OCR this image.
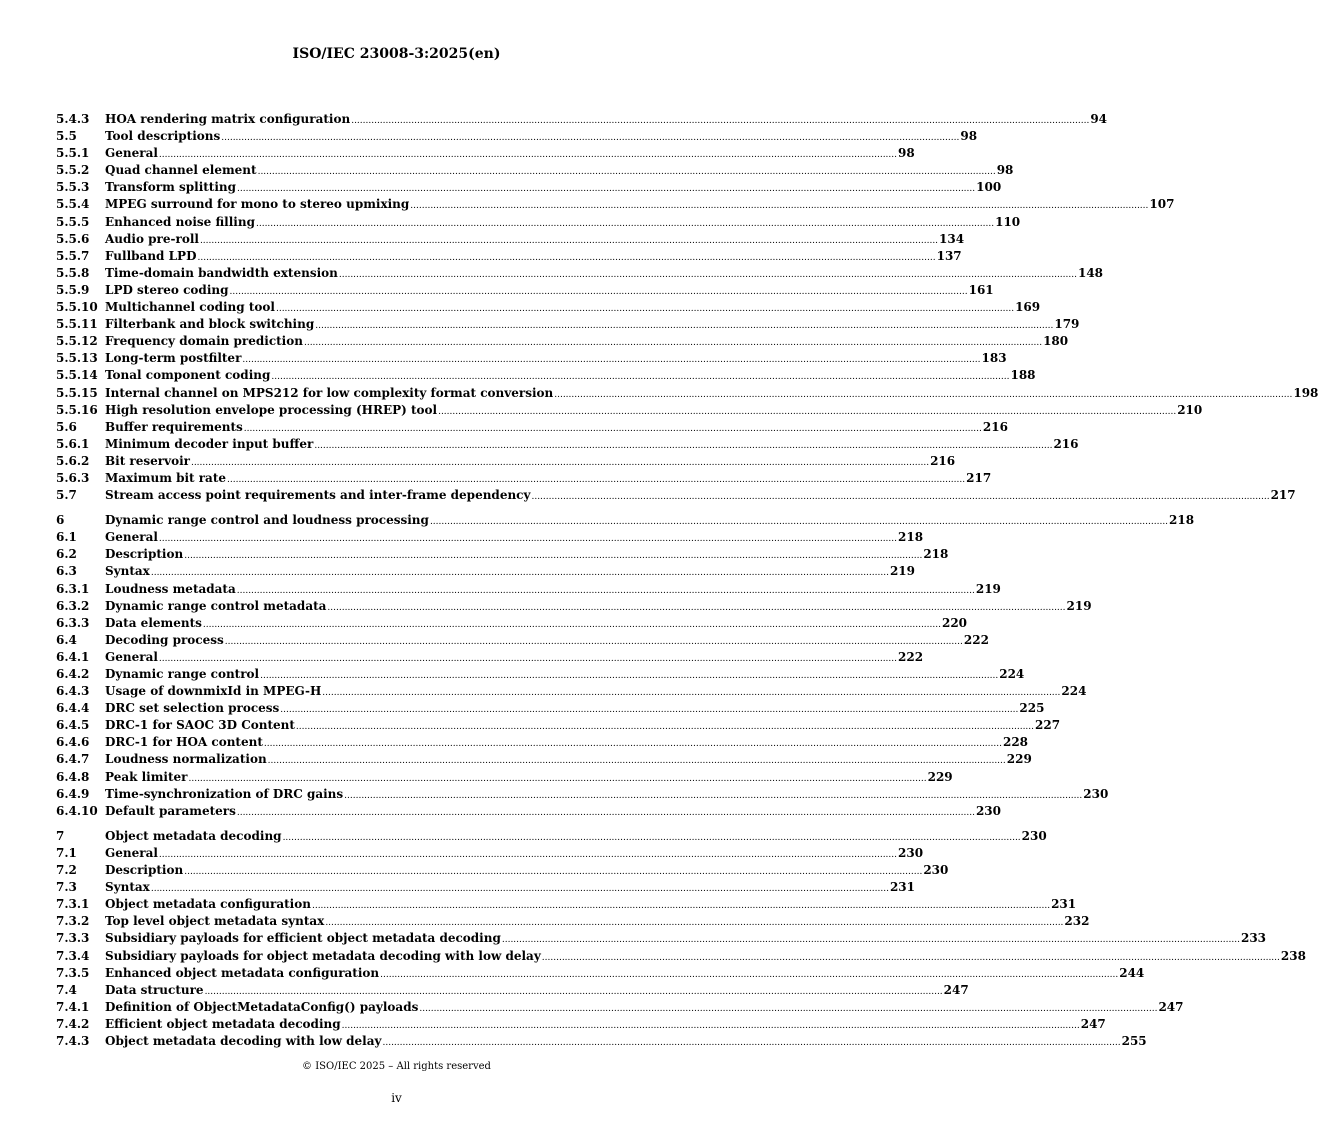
ISO/IEC 23008-3:2025(en)
5.4.3	HOA rendering matrix configuration .....	94
5.5	Tool descriptions .....	98
5.5.1	General .....	98
5.5.2	Quad channel element .....	98
5.5.3	Transform splitting .....	100
5.5.4	MPEG surround for mono to stereo upmixing .....	107
5.5.5	Enhanced noise filling .....	110
5.5.6	Audio pre-roll .....	134
5.5.7	Fullband LPD .....	137
5.5.8	Time-domain bandwidth extension .....	148
5.5.9	LPD stereo coding .....	161
5.5.10 Multichannel coding tool .....	169
5.5.11 Filterbank and block switching .....	179
5.5.12 Frequency domain prediction .....	180
5.5.13 Long-term postfilter .....	183
5.5.14 Tonal component coding .....	188
5.5.15 Internal channel on MPS212 for low complexity format conversion .....	198
5.5.16 High resolution envelope processing (HREP) tool .....	210
5.6	Buffer requirements .....	216
5.6.1	Minimum decoder input buffer .....	216
5.6.2	Bit reservoir .....	216
5.6.3	Maximum bit rate .....	217
5.7	Stream access point requirements and inter-frame dependency .....	217
6	Dynamic range control and loudness processing .....	218
6.1	General .....	218
6.2	Description .....	218
6.3	Syntax .....	219
6.3.1	Loudness metadata .....	219
6.3.2	Dynamic range control metadata .....	219
6.3.3	Data elements .....	220
6.4	Decoding process .....	222
6.4.1	General .....	222
6.4.2	Dynamic range control .....	224
6.4.3	Usage of downmixId in MPEG-H .....	224
6.4.4	DRC set selection process .....	225
6.4.5	DRC-1 for SAOC 3D Content .....	227
6.4.6	DRC-1 for HOA content .....	228
6.4.7	Loudness normalization .....	229
6.4.8	Peak limiter .....	229
6.4.9	Time-synchronization of DRC gains .....	230
6.4.10 Default parameters .....	230
7	Object metadata decoding .....	230
7.1	General .....	230
7.2	Description .....	230
7.3	Syntax .....	231
7.3.1	Object metadata configuration .....	231
7.3.2	Top level object metadata syntax .....	232
7.3.3	Subsidiary payloads for efficient object metadata decoding .....	233
7.3.4	Subsidiary payloads for object metadata decoding with low delay .....	238
7.3.5	Enhanced object metadata configuration .....	244
7.4	Data structure .....	247
7.4.1	Definition of ObjectMetadataConfig() payloads .....	247
7.4.2	Efficient object metadata decoding .....	247
7.4.3	Object metadata decoding with low delay .....	255
© ISO/IEC 2025 – All rights reserved
iv
